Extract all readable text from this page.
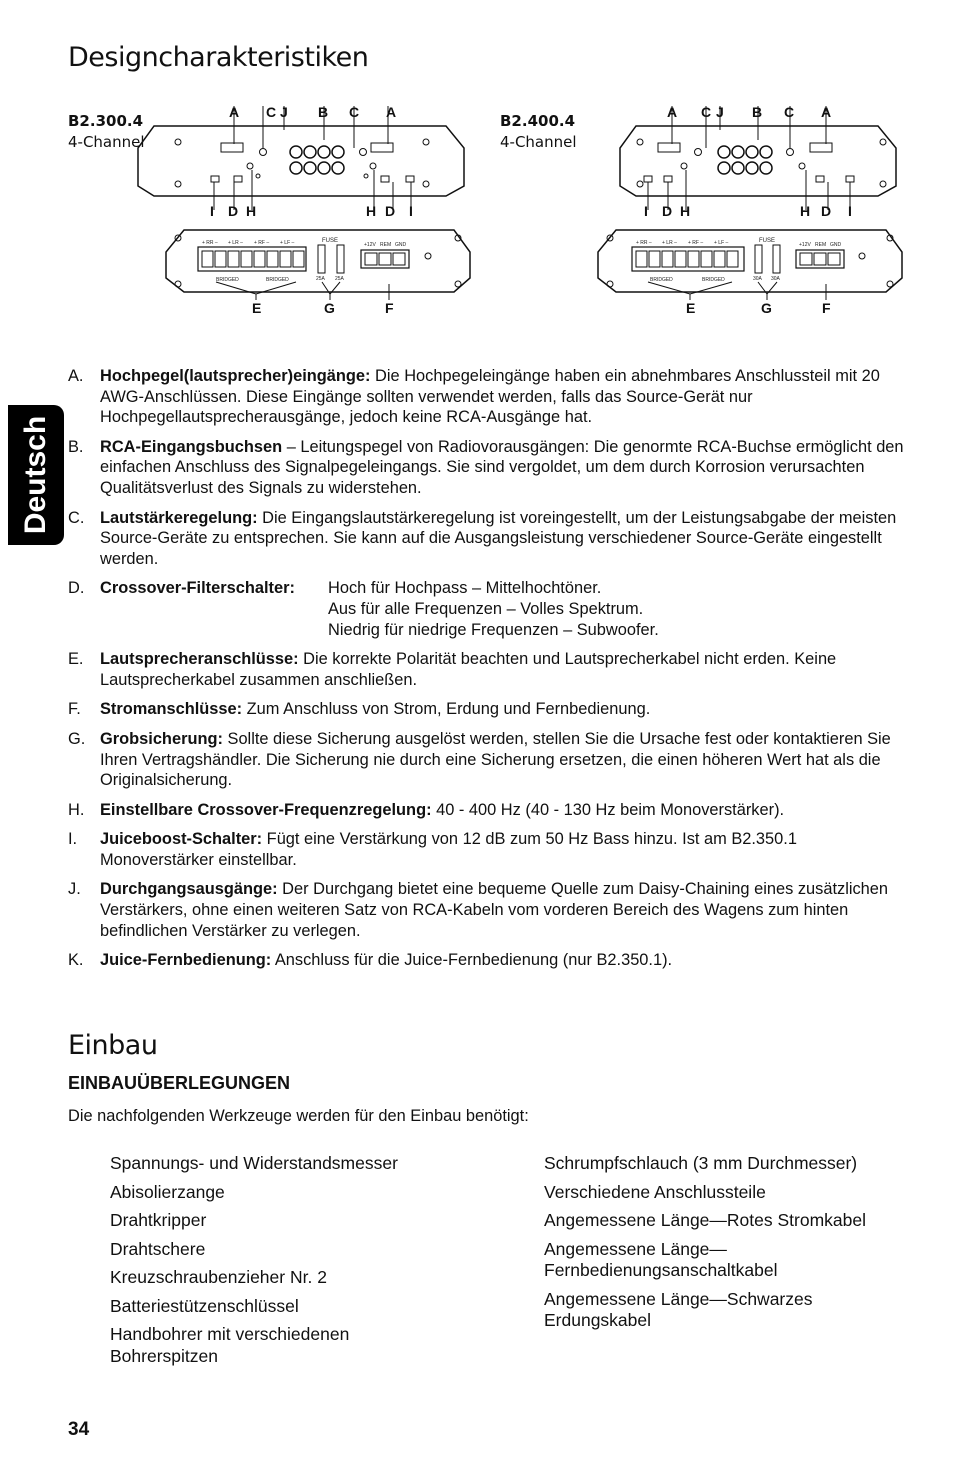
Deutsch
Designcharakteristiken
FUSE
25A 25A
+12V REM GND
+ RR – + LR – + RF – + LF –
BRIDGED	BRIDGED

B2.300.4

4-Channel

A C J B C A
I D H	H D I
E	G	F
FUSE
30A 30A
+12V REM GND
+ RR – + LR – + RF – + LF –
BRIDGED	BRIDGED

B2.400.4

4-Channel

A C J B C A
I D H	H D I
E	G	F
A. Hochpegel(lautsprecher)eingänge: Die Hochpegeleingänge haben ein abnehmbares Anschlussteil mit 20 AWG-Anschlüssen. Diese Eingänge sollten verwendet werden, falls das Source-Gerät nur Hochpegellautsprecherausgänge, jedoch keine RCA-Ausgänge hat.
B. RCA-Eingangsbuchsen – Leitungspegel von Radiovorausgängen: Die genormte RCA-Buchse ermöglicht den einfachen Anschluss des Signalpegeleingangs. Sie sind vergoldet, um dem durch Korrosion verursachten Qualitätsverlust des Signals zu widerstehen.
C. Lautstärkeregelung: Die Eingangslautstärkeregelung ist voreingestellt, um der Leistungsabgabe der meisten Source-Geräte zu entsprechen. Sie kann auf die Ausgangsleistung verschiedener Source-Geräte eingestellt werden.
D. Crossover-Filterschalter:	Hoch für Hochpass – Mittelhochtöner.
Aus für alle Frequenzen – Volles Spektrum.
Niedrig für niedrige Frequenzen – Subwoofer.
E. Lautsprecheranschlüsse: Die korrekte Polarität beachten und Lautsprecherkabel nicht erden. Keine Lautsprecherkabel zusammen anschließen.
F. Stromanschlüsse: Zum Anschluss von Strom, Erdung und Fernbedienung.
G. Grobsicherung: Sollte diese Sicherung ausgelöst werden, stellen Sie die Ursache fest oder kontaktieren Sie Ihren Vertragshändler. Die Sicherung nie durch eine Sicherung ersetzen, die einen höheren Wert hat als die Originalsicherung.
H. Einstellbare Crossover-Frequenzregelung: 40 - 400 Hz (40 - 130 Hz beim Monoverstärker).
I. Juiceboost-Schalter: Fügt eine Verstärkung von 12 dB zum 50 Hz Bass hinzu. Ist am B2.350.1 Monoverstärker einstellbar.
J. Durchgangsausgänge: Der Durchgang bietet eine bequeme Quelle zum Daisy-Chaining eines zusätzlichen Verstärkers, ohne einen weiteren Satz von RCA-Kabeln vom vorderen Bereich des Wagens zum hinten befindlichen Verstärker zu verlegen.
K. Juice-Fernbedienung: Anschluss für die Juice-Fernbedienung (nur B2.350.1).
Einbau
EINBAUÜBERLEGUNGEN

Die nachfolgenden Werkzeuge werden für den Einbau benötigt:

Spannungs- und Widerstandsmesser
Abisolierzange
Drahtkripper
Drahtschere
Kreuzschraubenzieher Nr. 2
Batteriestützenschlüssel
Handbohrer mit verschiedenen Bohrerspitzen
Schrumpfschlauch (3 mm Durchmesser)
Verschiedene Anschlussteile
Angemessene Länge—Rotes Stromkabel
Angemessene Länge—Fernbedienungsanschaltkabel
Angemessene Länge—Schwarzes Erdungskabel

34
